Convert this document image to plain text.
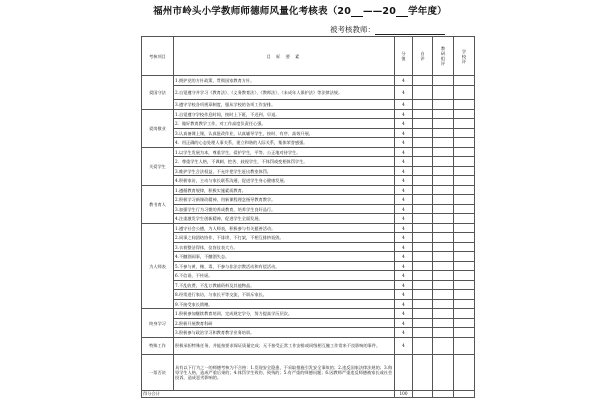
福州市岭头小学教师师德师风量化考核表（20 ——20 学年度）
被考核教师：
考核项目	目 标 要 素	分值	自评	教研组评	学校评
爱国守法	1.拥护党的方针政策，贯彻国家教育方针。	4			
	2.自觉遵守并学习《教育法》、《义务教育法》、《教师法》、《未成年人保护法》等法律法规。	4			
	3.遵守学校各项规章制度，服从学校的各项工作安排。	4			
爱岗敬业	1.自觉遵守学校作息时间，按时上下班，不迟到、早退。	4			
	2．做好教育教学工作，对工作高度负责任心强。	4			
	3.认真备课上课，认真批改作业，认真辅导学生，按时、有序、高效开展。	4			
	4．用正确的心态处理人事关系，建立和谐的人际关系，集体荣誉感强。	4			
关爱学生	1.以学生发展为本，尊重学生，爱护学生，平等、公正地对待学生。	4			
	2．尊重学生人格，不讽刺、挖苦、歧视学生，不体罚或变相体罚学生。	4			
	3.维护学生合法权益，不允许把学生赶出教室体罚。	4			
	4.积极家访，主动与家长联系沟通，促进学生身心健康发展。	4			
教书育人	1.遵循教育规律，积极实施素质教育。	4			
	2.积极学习新课改精神，用新课程理念指导教育教学。	4			
	3.加强学生行为习惯的养成教育，培养学生良好品行。	4			
	4.注重激发学生创新精神，促进学生全面发展。	4			
为人师表	1.遵守社会公德，为人师表，积极参与有关慈善活动。	4			
	2.同事之间团结协作，不诽谤、不打架，不相互排挤诋毁。	4			
	3.衣着整洁得体，仪容仪表大方。	4			
	4.不酗酒闹事，不酗酒失态。	4			
	5.不参与黄、赌、毒，不参与非法宗教活动和有偿活动。	4			
	6.不信谣，不传谣。	4			
	7.不乱收费，不乱订教辅资料及其他物品。	4			
	8.经常进行家访，与家长平等交流，不训斥家长。	4			
	9.不接受家长馈赠。	4			
终身学习	1.积极参加继续教育培训，完成规定学分，努力提高学历层次。	4			
	2.积极开展教育科研	4			
	3.积极参与政治学习和教育教学业务培训。	4			
特殊工作	积极承担特殊任务，并能按要求保证质量完成；无不接受正常工作安排或同级相互撤工作常来不良影响的事件。	4			
一票否决	具有以下行为之一的师德考核为不合格：1.发现安全隐患，不采取措施引发安全事故的；2.违反国家法律法规的；3.侮辱学生人格，造成严重后果的；4.体罚学生致伤、致残的；5.有严重的师德问题；6.因教师严重违反师德被家长或社会投诉，造成恶劣影响的。				
得分合计		100			
